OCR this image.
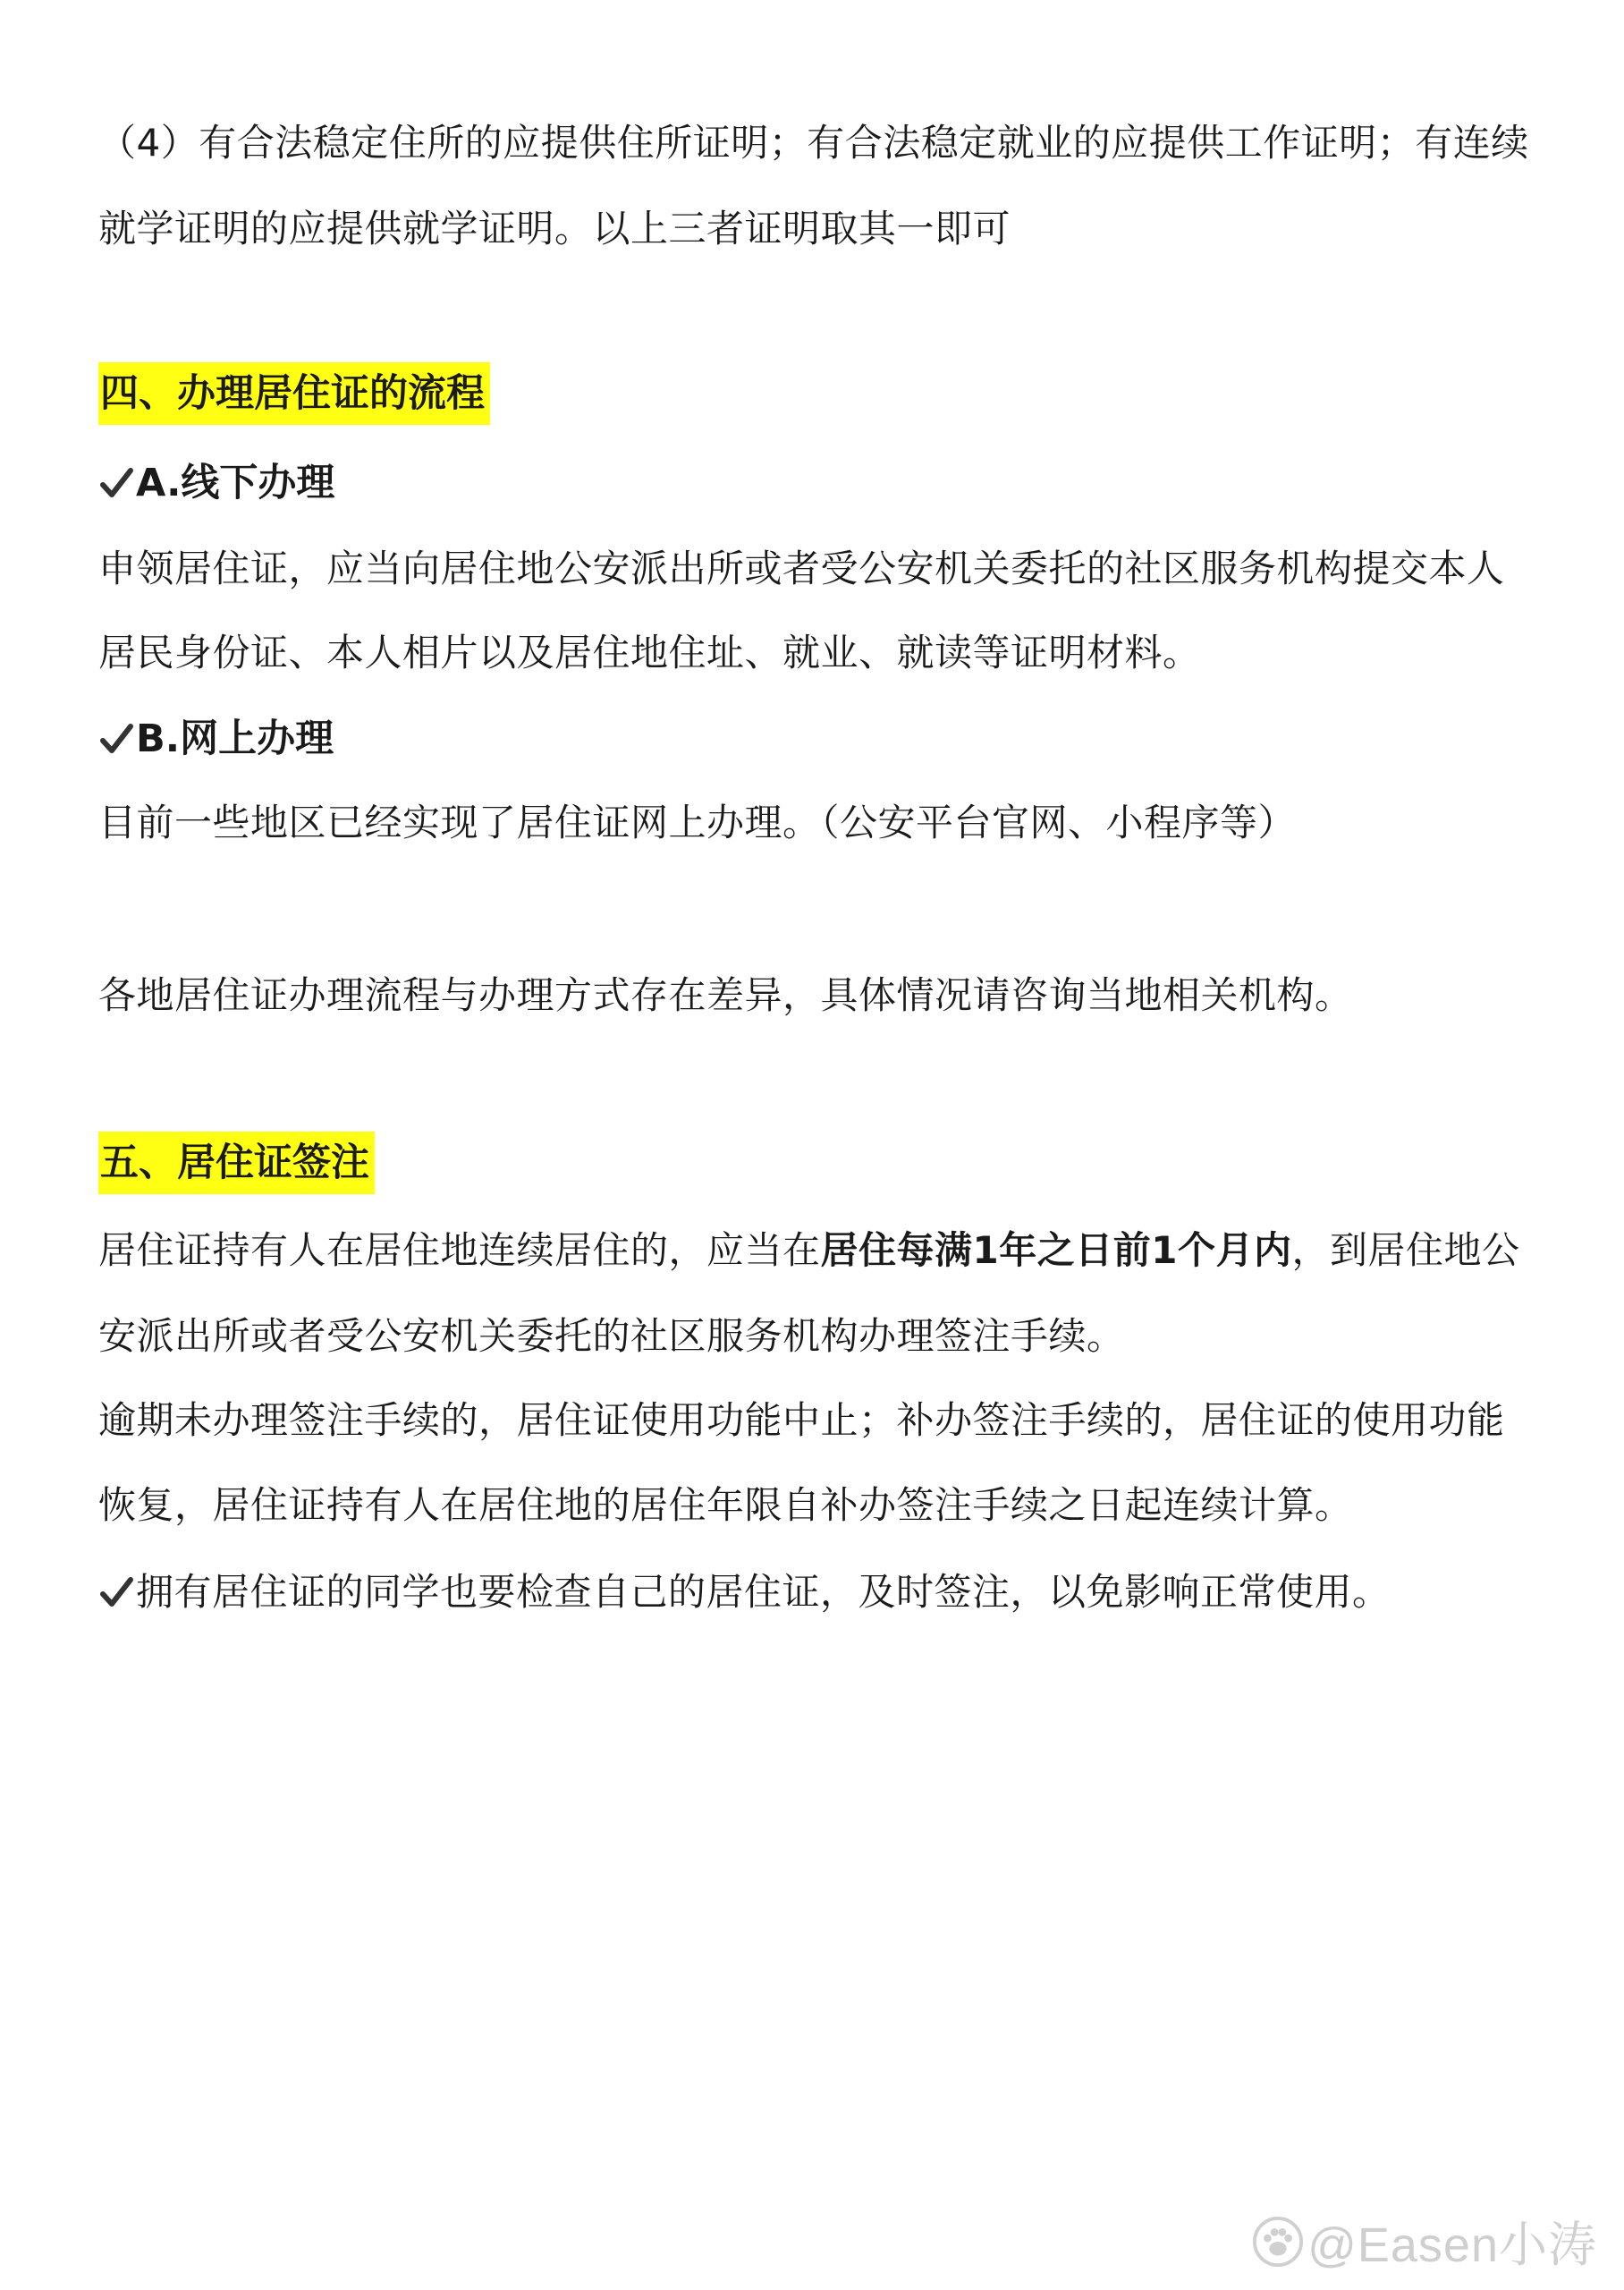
（4）有合法稳定住所的应提供住所证明；有合法稳定就业的应提供工作证明；有连续
就学证明的应提供就学证明。以上三者证明取其一即可
四、办理居住证的流程
A.线下办理
申领居住证，应当向居住地公安派出所或者受公安机关委托的社区服务机构提交本人
居民身份证、本人相片以及居住地住址、就业、就读等证明材料。
B.网上办理
目前一些地区已经实现了居住证网上办理。（公安平台官网、小程序等）
各地居住证办理流程与办理方式存在差异，具体情况请咨询当地相关机构。
五、居住证签注
居住证持有人在居住地连续居住的，应当在居住每满1年之日前1个月内，到居住地公
安派出所或者受公安机关委托的社区服务机构办理签注手续。
逾期未办理签注手续的，居住证使用功能中止；补办签注手续的，居住证的使用功能
恢复，居住证持有人在居住地的居住年限自补办签注手续之日起连续计算。
拥有居住证的同学也要检查自己的居住证，及时签注，以免影响正常使用。
@Easen小涛
